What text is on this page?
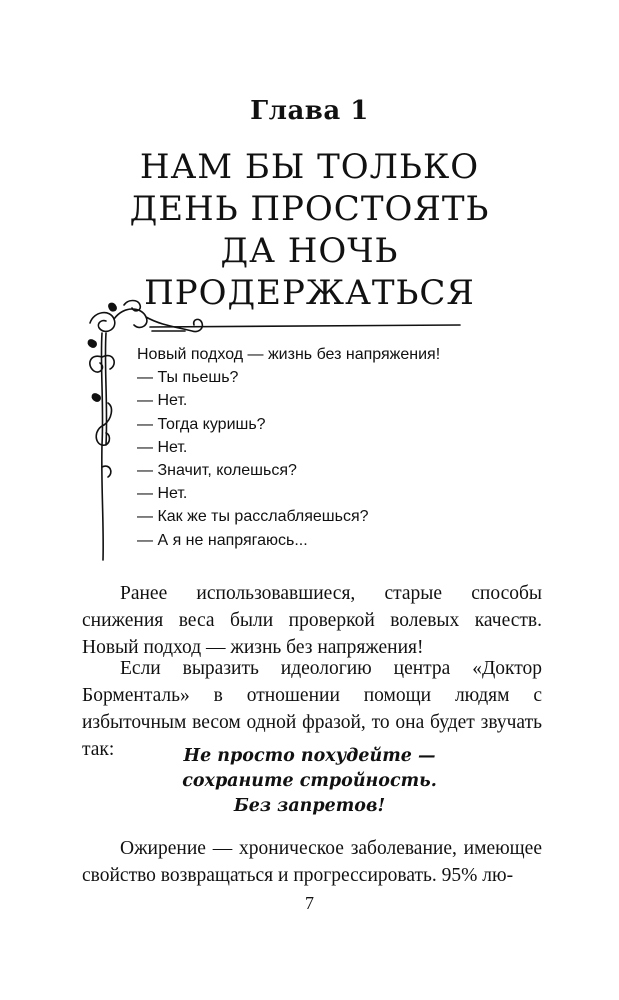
Глава 1
НАМ БЫ ТОЛЬКО
ДЕНЬ ПРОСТОЯТЬ
ДА НОЧЬ
ПРОДЕРЖАТЬСЯ
Новый подход — жизнь без напряжения!
— Ты пьешь?
— Нет.
— Тогда куришь?
— Нет.
— Значит, колешься?
— Нет.
— Как же ты расслабляешься?
— А я не напрягаюсь...

Ранее использовавшиеся, старые способы снижения веса были проверкой волевых качеств. Новый подход — жизнь без напряжения!

Если выразить идеологию центра «Доктор Борменталь» в отношении помощи людям с избыточным весом одной фразой, то она будет звучать так:	Не просто похудейте —
сохраните стройность.
Без запретов!

Ожирение — хроническое заболевание, имеющее свойство возвращаться и прогрессировать. 95% лю-

7
